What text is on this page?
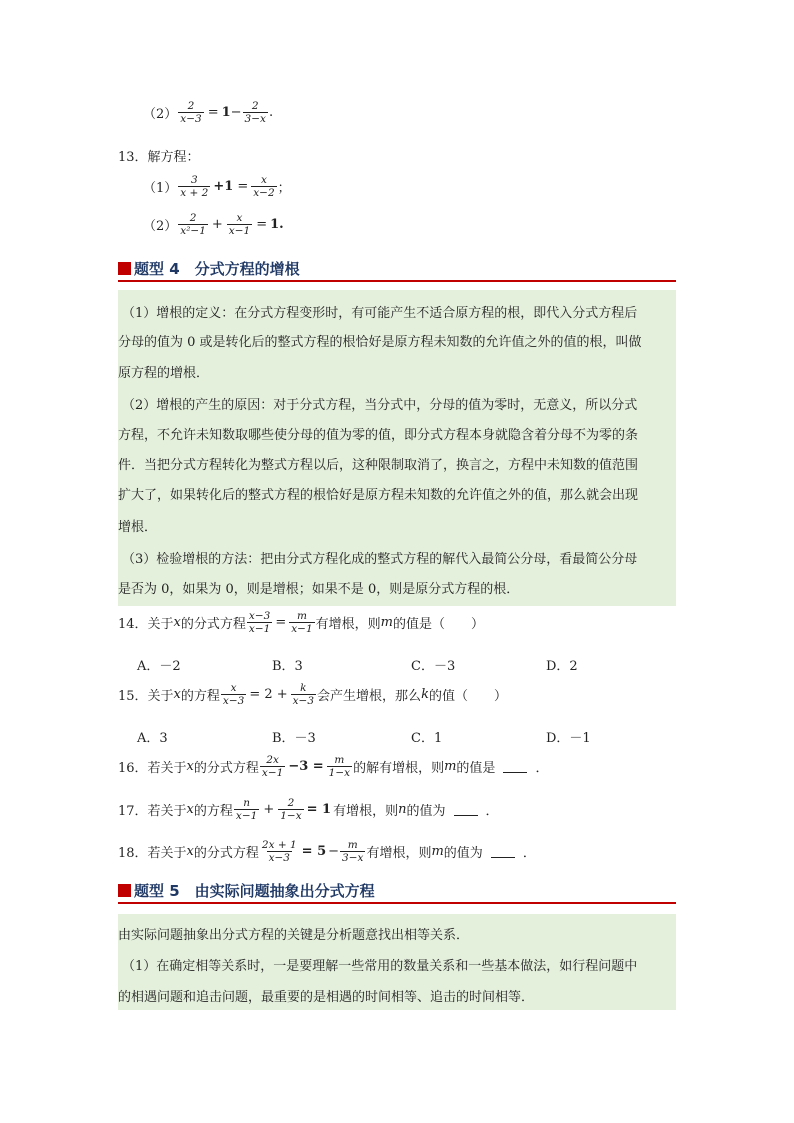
$(2) \frac{2}{x-3} = 1 - \frac{2}{3-x}$ .
13．解方程：
$(1) \frac{3}{x + 2} +1 = \frac{x}{x-2}$ ；
$(2) \frac{2}{\text{x²−1}} + \frac{x}{x-1} = 1$ .
题型 4　分式方程的增根

（1）增根的定义：在分式方程变形时，有可能产生不适合原方程的根，即代入分式方程后

分母的值为 0 或是转化后的整式方程的根恰好是原方程未知数的允许值之外的值的根，叫做

原方程的增根．

（2）增根的产生的原因：对于分式方程，当分式中，分母的值为零时，无意义，所以分式

方程，不允许未知数取哪些使分母的值为零的值，即分式方程本身就隐含着分母不为零的条

件．当把分式方程转化为整式方程以后，这种限制取消了，换言之，方程中未知数的值范围

扩大了，如果转化后的整式方程的根恰好是原方程未知数的允许值之外的值，那么就会出现

增根．

（3）检验增根的方法：把由分式方程化成的整式方程的解代入最简公分母，看最简公分母

是否为 0，如果为 0，则是增根；如果不是 0，则是原分式方程的根．

14．关于 x 的分式方程 $\frac{x-3}{x-1} = \frac{m}{x-1}$ 有增根，则 m 的值是（　　）
A．－2	B．3	C．－3	D．2
15．关于 x 的方程 $\frac{x}{x-3} = 2 + \frac{k}{x-3}$ 会产生增根，那么 k 的值（　　）
A．3	B．－3	C．1	D．－1
16．若关于 x 的分式方程 $\frac{2x}{x-1} -3 = \frac{m}{1-x}$ 的解有增根，则 m 的值是	．
17．若关于 x 的方程 $\frac{n}{x-1} + \frac{2}{1-x} = 1$ 有增根，则 n 的值为	．
18．若关于 x 的分式方程 $\frac{2x + 1}{x-3} = 5 - \frac{m}{3-x}$ 有增根，则 m 的值为	．
题型 5　由实际问题抽象出分式方程

由实际问题抽象出分式方程的关键是分析题意找出相等关系．

（1）在确定相等关系时，一是要理解一些常用的数量关系和一些基本做法，如行程问题中

的相遇问题和追击问题，最重要的是相遇的时间相等、追击的时间相等．
